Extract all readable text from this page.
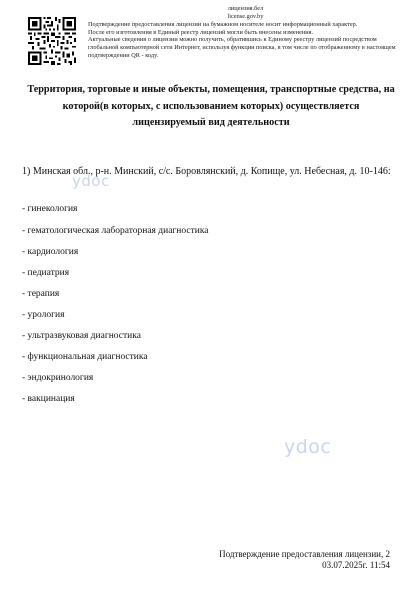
лицензия.бел
license.gov.by
Подтверждение предоставления лицензии на бумажном носителе носит информационный характер.
После его изготовления в Единый реестр лицензий могли быть внесены изменения.
Актуальные сведения о лицензии можно получить, обратившись к Единому реестру лицензий посредством глобальной компьютерной сети Интернет, используя функции поиска, в том числе по отображенному в настоящем подтверждении QR - коду.
Территория, торговые и иные объекты, помещения, транспортные средства, на которой(в которых, с использованием которых) осуществляется лицензируемый вид деятельности
1) Минская обл., р-н. Минский, с/с. Боровлянский, д. Копище, ул. Небесная, д. 10-146:
- гинекология
- гематологическая лабораторная диагностика
- кардиология
- педиатрия
- терапия
- урология
- ультразвуковая диагностика
- функциональная диагностика
- эндокринология
- вакцинация
ydoc
ydoc
Подтверждение предоставления лицензии, 2
03.07.2025г. 11:54
